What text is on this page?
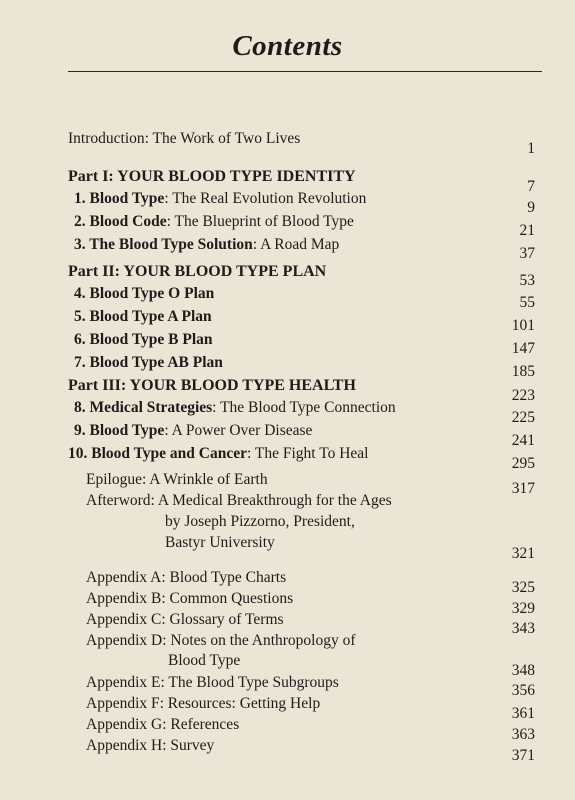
Contents
Introduction: The Work of Two Lives
1
Part I: YOUR BLOOD TYPE IDENTITY
7
1. Blood Type: The Real Evolution Revolution
9
2. Blood Code: The Blueprint of Blood Type
21
3. The Blood Type Solution: A Road Map
37
Part II: YOUR BLOOD TYPE PLAN
53
4. Blood Type O Plan
55
5. Blood Type A Plan
101
6. Blood Type B Plan
147
7. Blood Type AB Plan
185
Part III: YOUR BLOOD TYPE HEALTH
223
8. Medical Strategies: The Blood Type Connection
225
9. Blood Type: A Power Over Disease
241
10. Blood Type and Cancer: The Fight To Heal
295
Epilogue: A Wrinkle of Earth
317
Afterword: A Medical Breakthrough for the Ages
by Joseph Pizzorno, President,
Bastyr University
321
Appendix A: Blood Type Charts
325
Appendix B: Common Questions
329
Appendix C: Glossary of Terms
343
Appendix D: Notes on the Anthropology of
Blood Type
348
Appendix E: The Blood Type Subgroups	356
Appendix F: Resources: Getting Help
361
Appendix G: References
363
Appendix H: Survey
371
